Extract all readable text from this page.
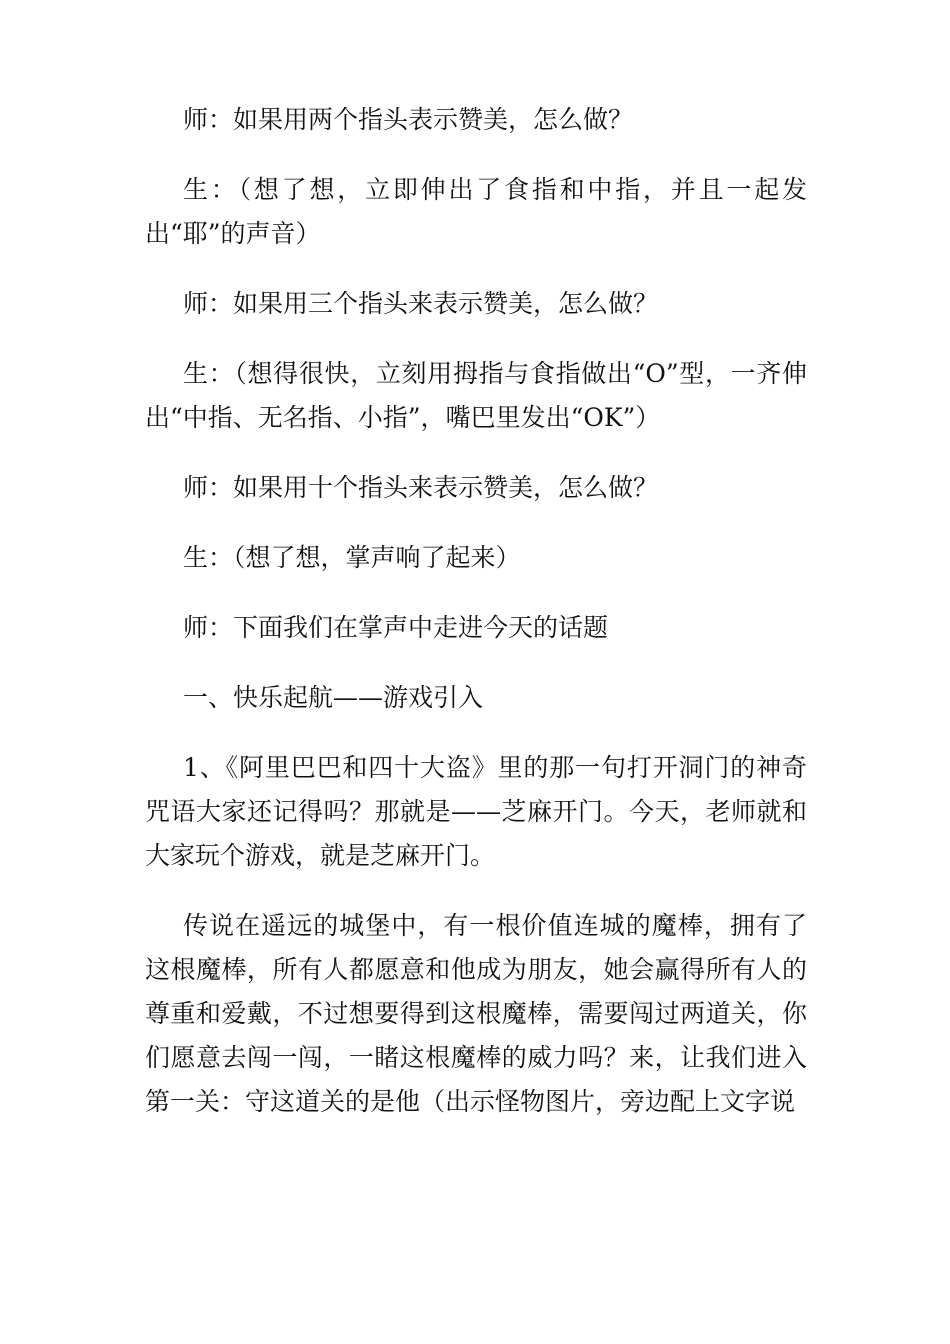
师：如果用两个指头表示赞美，怎么做？

生：（想了想，立即伸出了食指和中指，并且一起发出“耶”的声音）

师：如果用三个指头来表示赞美，怎么做？

生：（想得很快，立刻用拇指与食指做出“O”型，一齐伸出“中指、无名指、小指”，嘴巴里发出“OK”）

师：如果用十个指头来表示赞美，怎么做？

生：（想了想，掌声响了起来）

师：下面我们在掌声中走进今天的话题

一、快乐起航——游戏引入

1、《阿里巴巴和四十大盗》里的那一句打开洞门的神奇咒语大家还记得吗？那就是——芝麻开门。今天，老师就和大家玩个游戏，就是芝麻开门。

传说在遥远的城堡中，有一根价值连城的魔棒，拥有了这根魔棒，所有人都愿意和他成为朋友，她会赢得所有人的尊重和爱戴，不过想要得到这根魔棒，需要闯过两道关，你们愿意去闯一闯，一睹这根魔棒的威力吗？来，让我们进入第一关：守这道关的是他（出示怪物图片，旁边配上文字说
